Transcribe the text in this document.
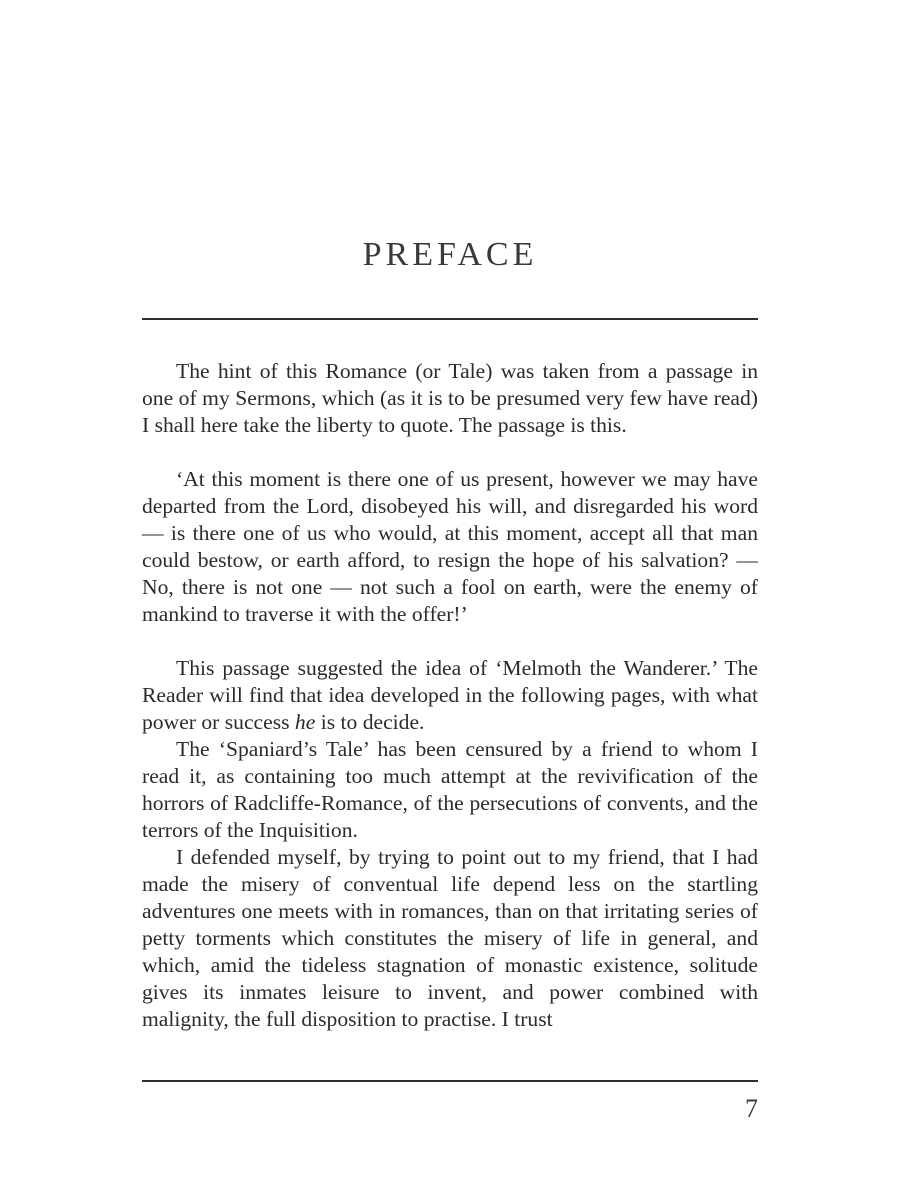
PREFACE

The hint of this Romance (or Tale) was taken from a passage in one of my Sermons, which (as it is to be presumed very few have read) I shall here take the liberty to quote. The passage is this.

‘At this moment is there one of us present, however we may have departed from the Lord, disobeyed his will, and disregarded his word — is there one of us who would, at this moment, accept all that man could bestow, or earth afford, to resign the hope of his salvation? — No, there is not one — not such a fool on earth, were the enemy of mankind to traverse it with the offer!’

This passage suggested the idea of ‘Melmoth the Wanderer.’ The Reader will find that idea developed in the following pages, with what power or success he is to decide.

The ‘Spaniard’s Tale’ has been censured by a friend to whom I read it, as containing too much attempt at the revivification of the horrors of Radcliffe-Romance, of the persecutions of convents, and the terrors of the Inquisition.

I defended myself, by trying to point out to my friend, that I had made the misery of conventual life depend less on the startling adventures one meets with in romances, than on that irritating series of petty torments which constitutes the misery of life in general, and which, amid the tideless stagnation of monastic existence, solitude gives its inmates leisure to invent, and power combined with malignity, the full disposition to practise. I trust

7
